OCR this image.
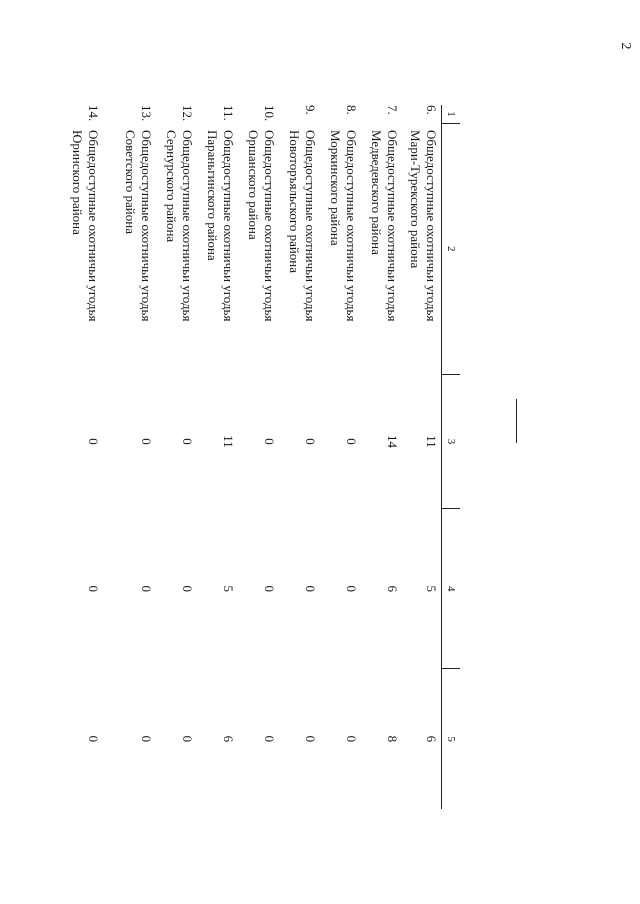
2
1	2	3	4	5

6.
Общедоступные охотничьи угодья
Мари-Турекского района		11	5	6

7.
Общедоступные охотничьи угодья
Медведевского района		14	6	8

8.
Общедоступные охотничьи угодья
Моркинского района		0	0	0

9.
Общедоступные охотничьи угодья
Новоторъяльского района		0	0	0

10.
Общедоступные охотничьи угодья
Оршанского района		0	0	0

11.
Общедоступные охотничьи угодья
Параньгинского района		11	5	6

12.
Общедоступные охотничьи угодья
Сернурского района		0	0	0

13.
Общедоступные охотничьи угодья
Советского района		0	0	0

14.
Общедоступные охотничьи угодья
Юринского района		0	0	0
